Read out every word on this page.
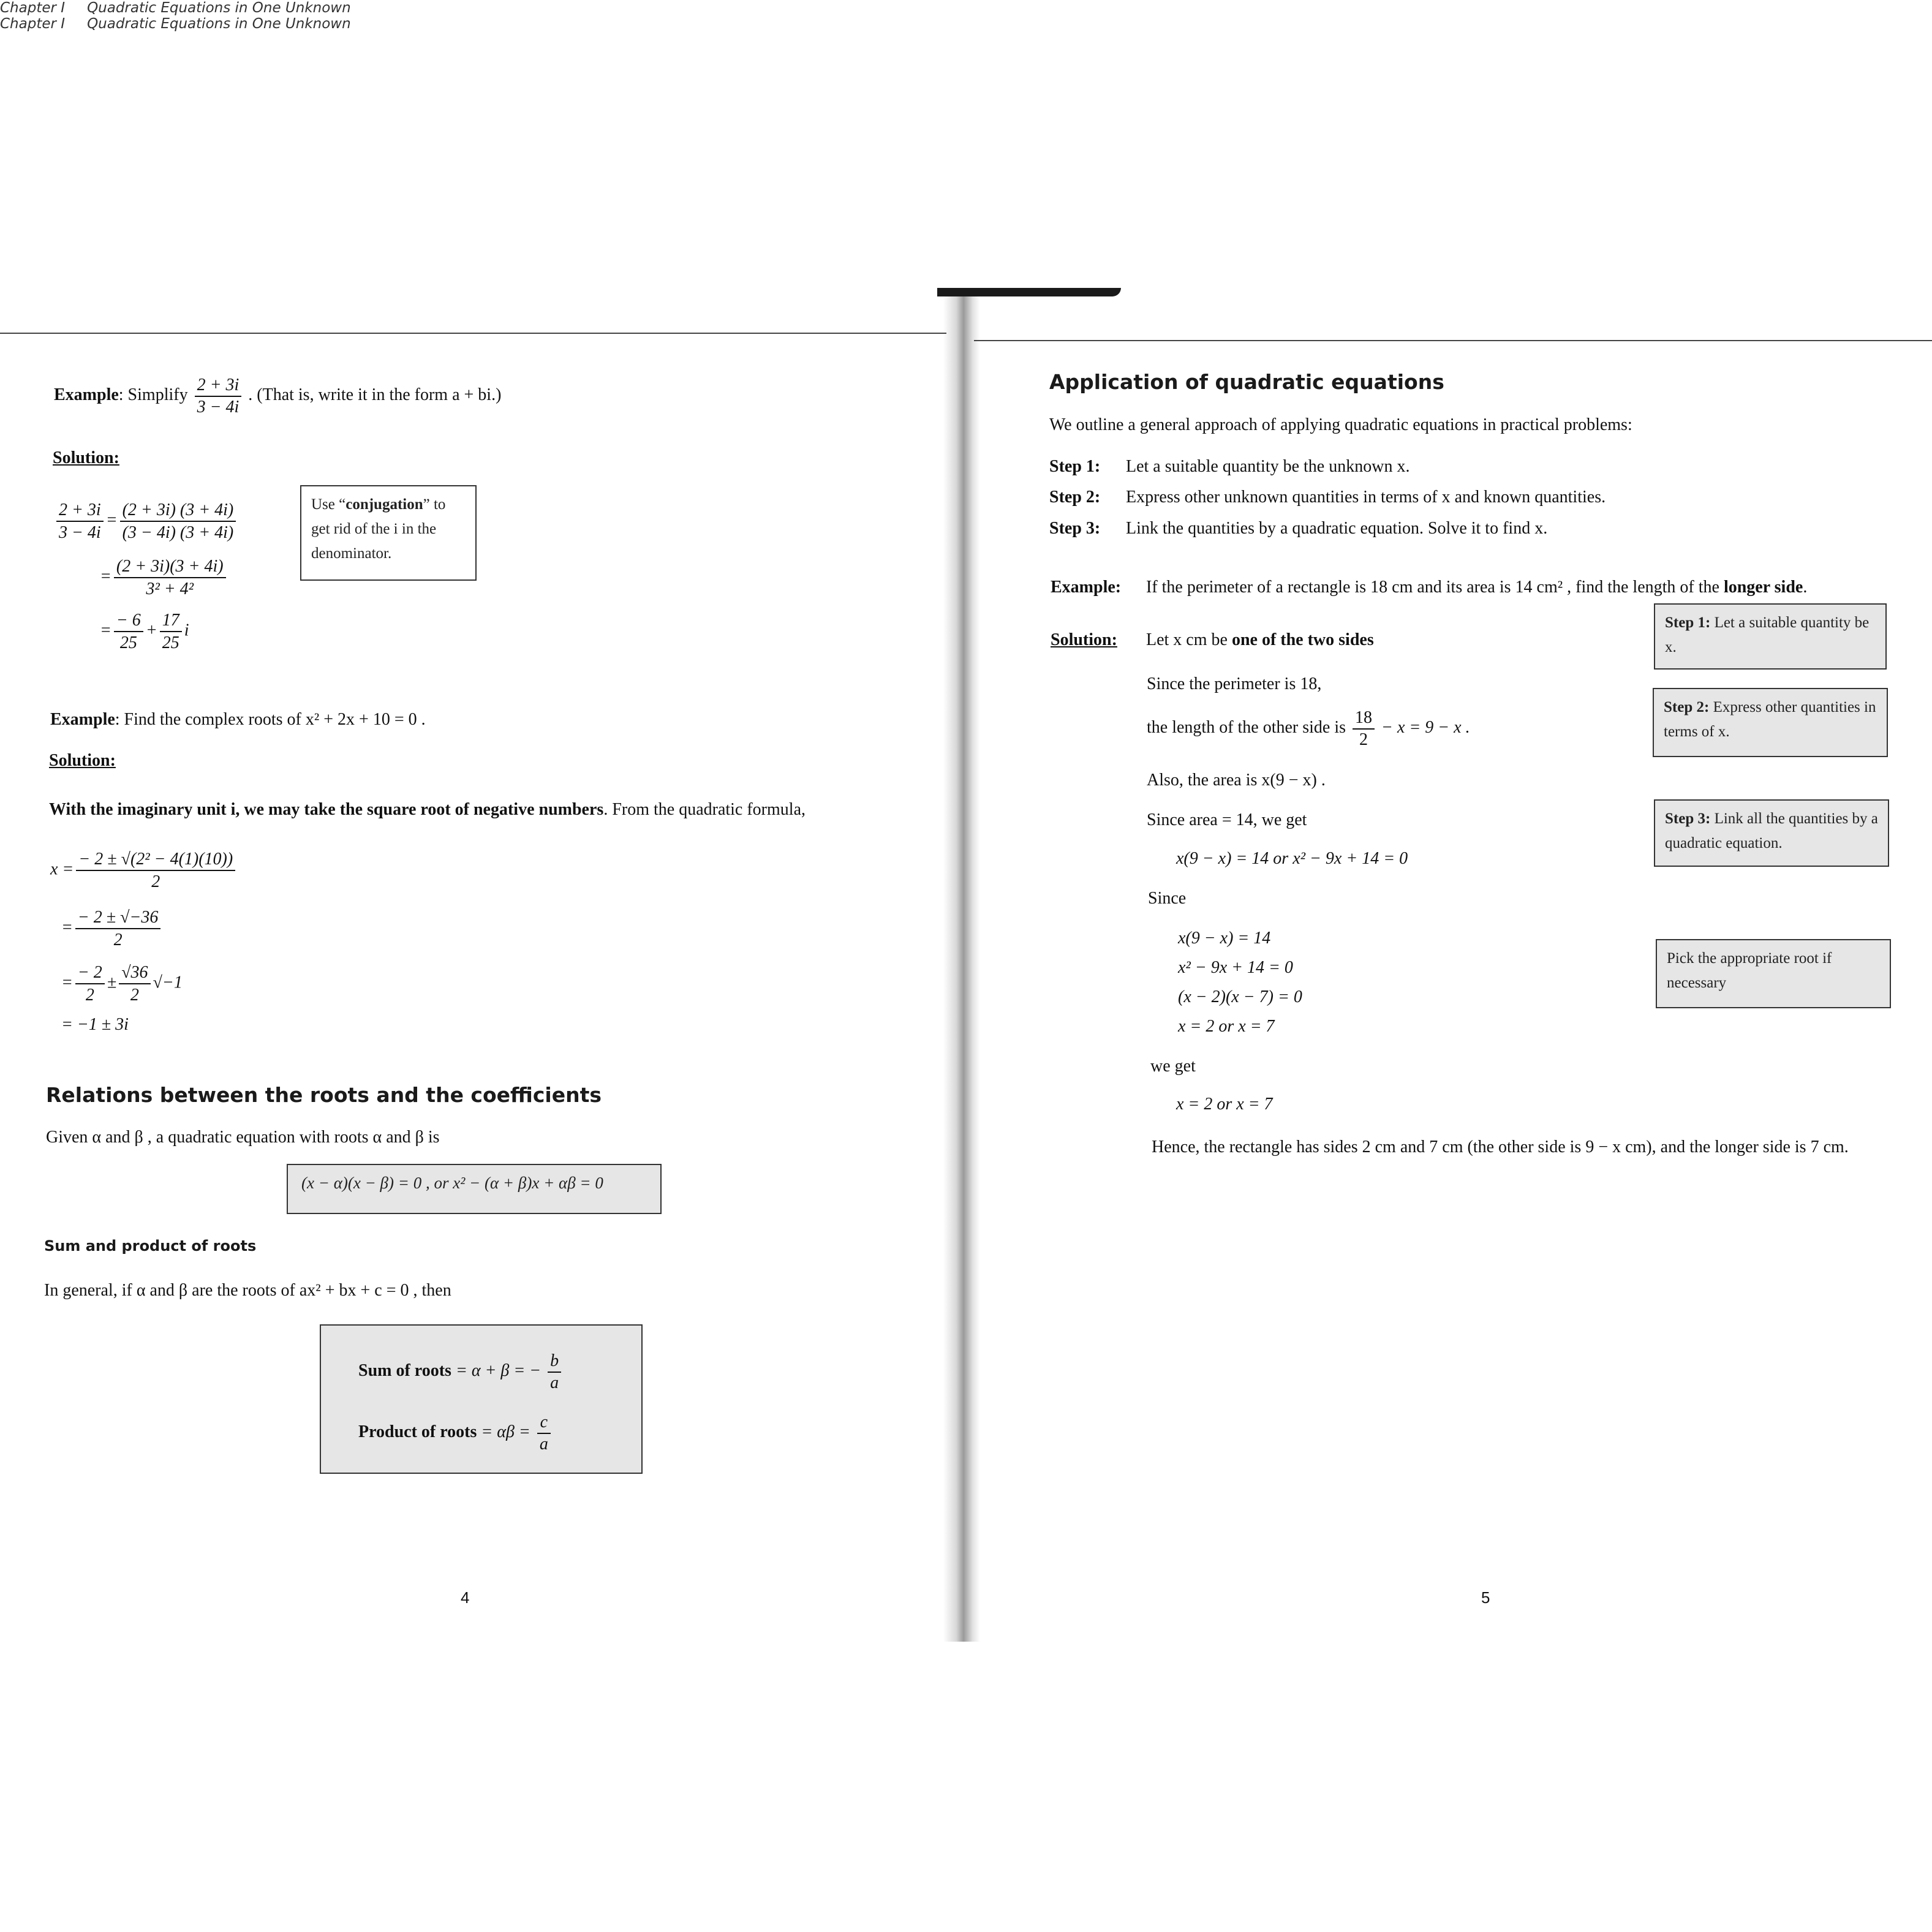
Chapter I Quadratic Equations in One Unknown
Chapter I Quadratic Equations in One Unknown
Example: Simplify $\frac{2 + 3i}{3 - 4i}$ . (That is, write it in the form a + bi.)
Solution:
$\frac{2 + 3i}{3 - 4i} = \frac{(2 + 3i) (3 + 4i)}{(3 - 4i) (3 + 4i)}$
= $\frac{(2 + 3i)(3 + 4i)}{\text{3² + 4²}}$
= $\frac{- 6}{25} + \frac{17}{25}$ i
Use “conjugation” to get rid of the i in the denominator.
Example: Find the complex roots of x² + 2x + 10 = 0 .
Solution:
With the imaginary unit i, we may take the square root of negative numbers. From the quadratic formula,
$x = \frac{\text{− 2 ± √(2² − 4(1)(10))}}{2}$
= $\frac{- 2 \pm √-36}{2}$
= $\frac{- 2}{2} \pm \frac{√36}{2} √-1$
= −1 ± 3i
Relations between the roots and the coefficients
Given α and β , a quadratic equation with roots α and β is
(x − α)(x − β) = 0 , or x² − (α + β)x + αβ = 0
Sum and product of roots
In general, if α and β are the roots of ax² + bx + c = 0 , then
Sum of roots = α + β = − $\frac{b}{a}$
Product of roots = $\alpha\beta = \frac{c}{a}$
4
Application of quadratic equations
We outline a general approach of applying quadratic equations in practical problems:
Step 1: Let a suitable quantity be the unknown x.
Step 2: Express other unknown quantities in terms of x and known quantities.
Step 3: Link the quantities by a quadratic equation. Solve it to find x.
Example: If the perimeter of a rectangle is 18 cm and its area is 14 cm² , find the length of the longer side.
Solution: Let x cm be one of the two sides
Since the perimeter is 18,
the length of the other side is $\frac{18}{2} - x = 9 - x$ .
Also, the area is x(9 − x) .
Since area = 14, we get
x(9 − x) = 14 or x² − 9x + 14 = 0
Since
x(9 − x) = 14
x² − 9x + 14 = 0
(x − 2)(x − 7) = 0
x = 2 or x = 7
we get
x = 2 or x = 7
Hence, the rectangle has sides 2 cm and 7 cm (the other side is 9 − x cm), and the longer side is 7 cm.
Step 1: Let a suitable quantity be x.
Step 2: Express other quantities in terms of x.
Step 3: Link all the quantities by a quadratic equation.
Pick the appropriate root if necessary
5
